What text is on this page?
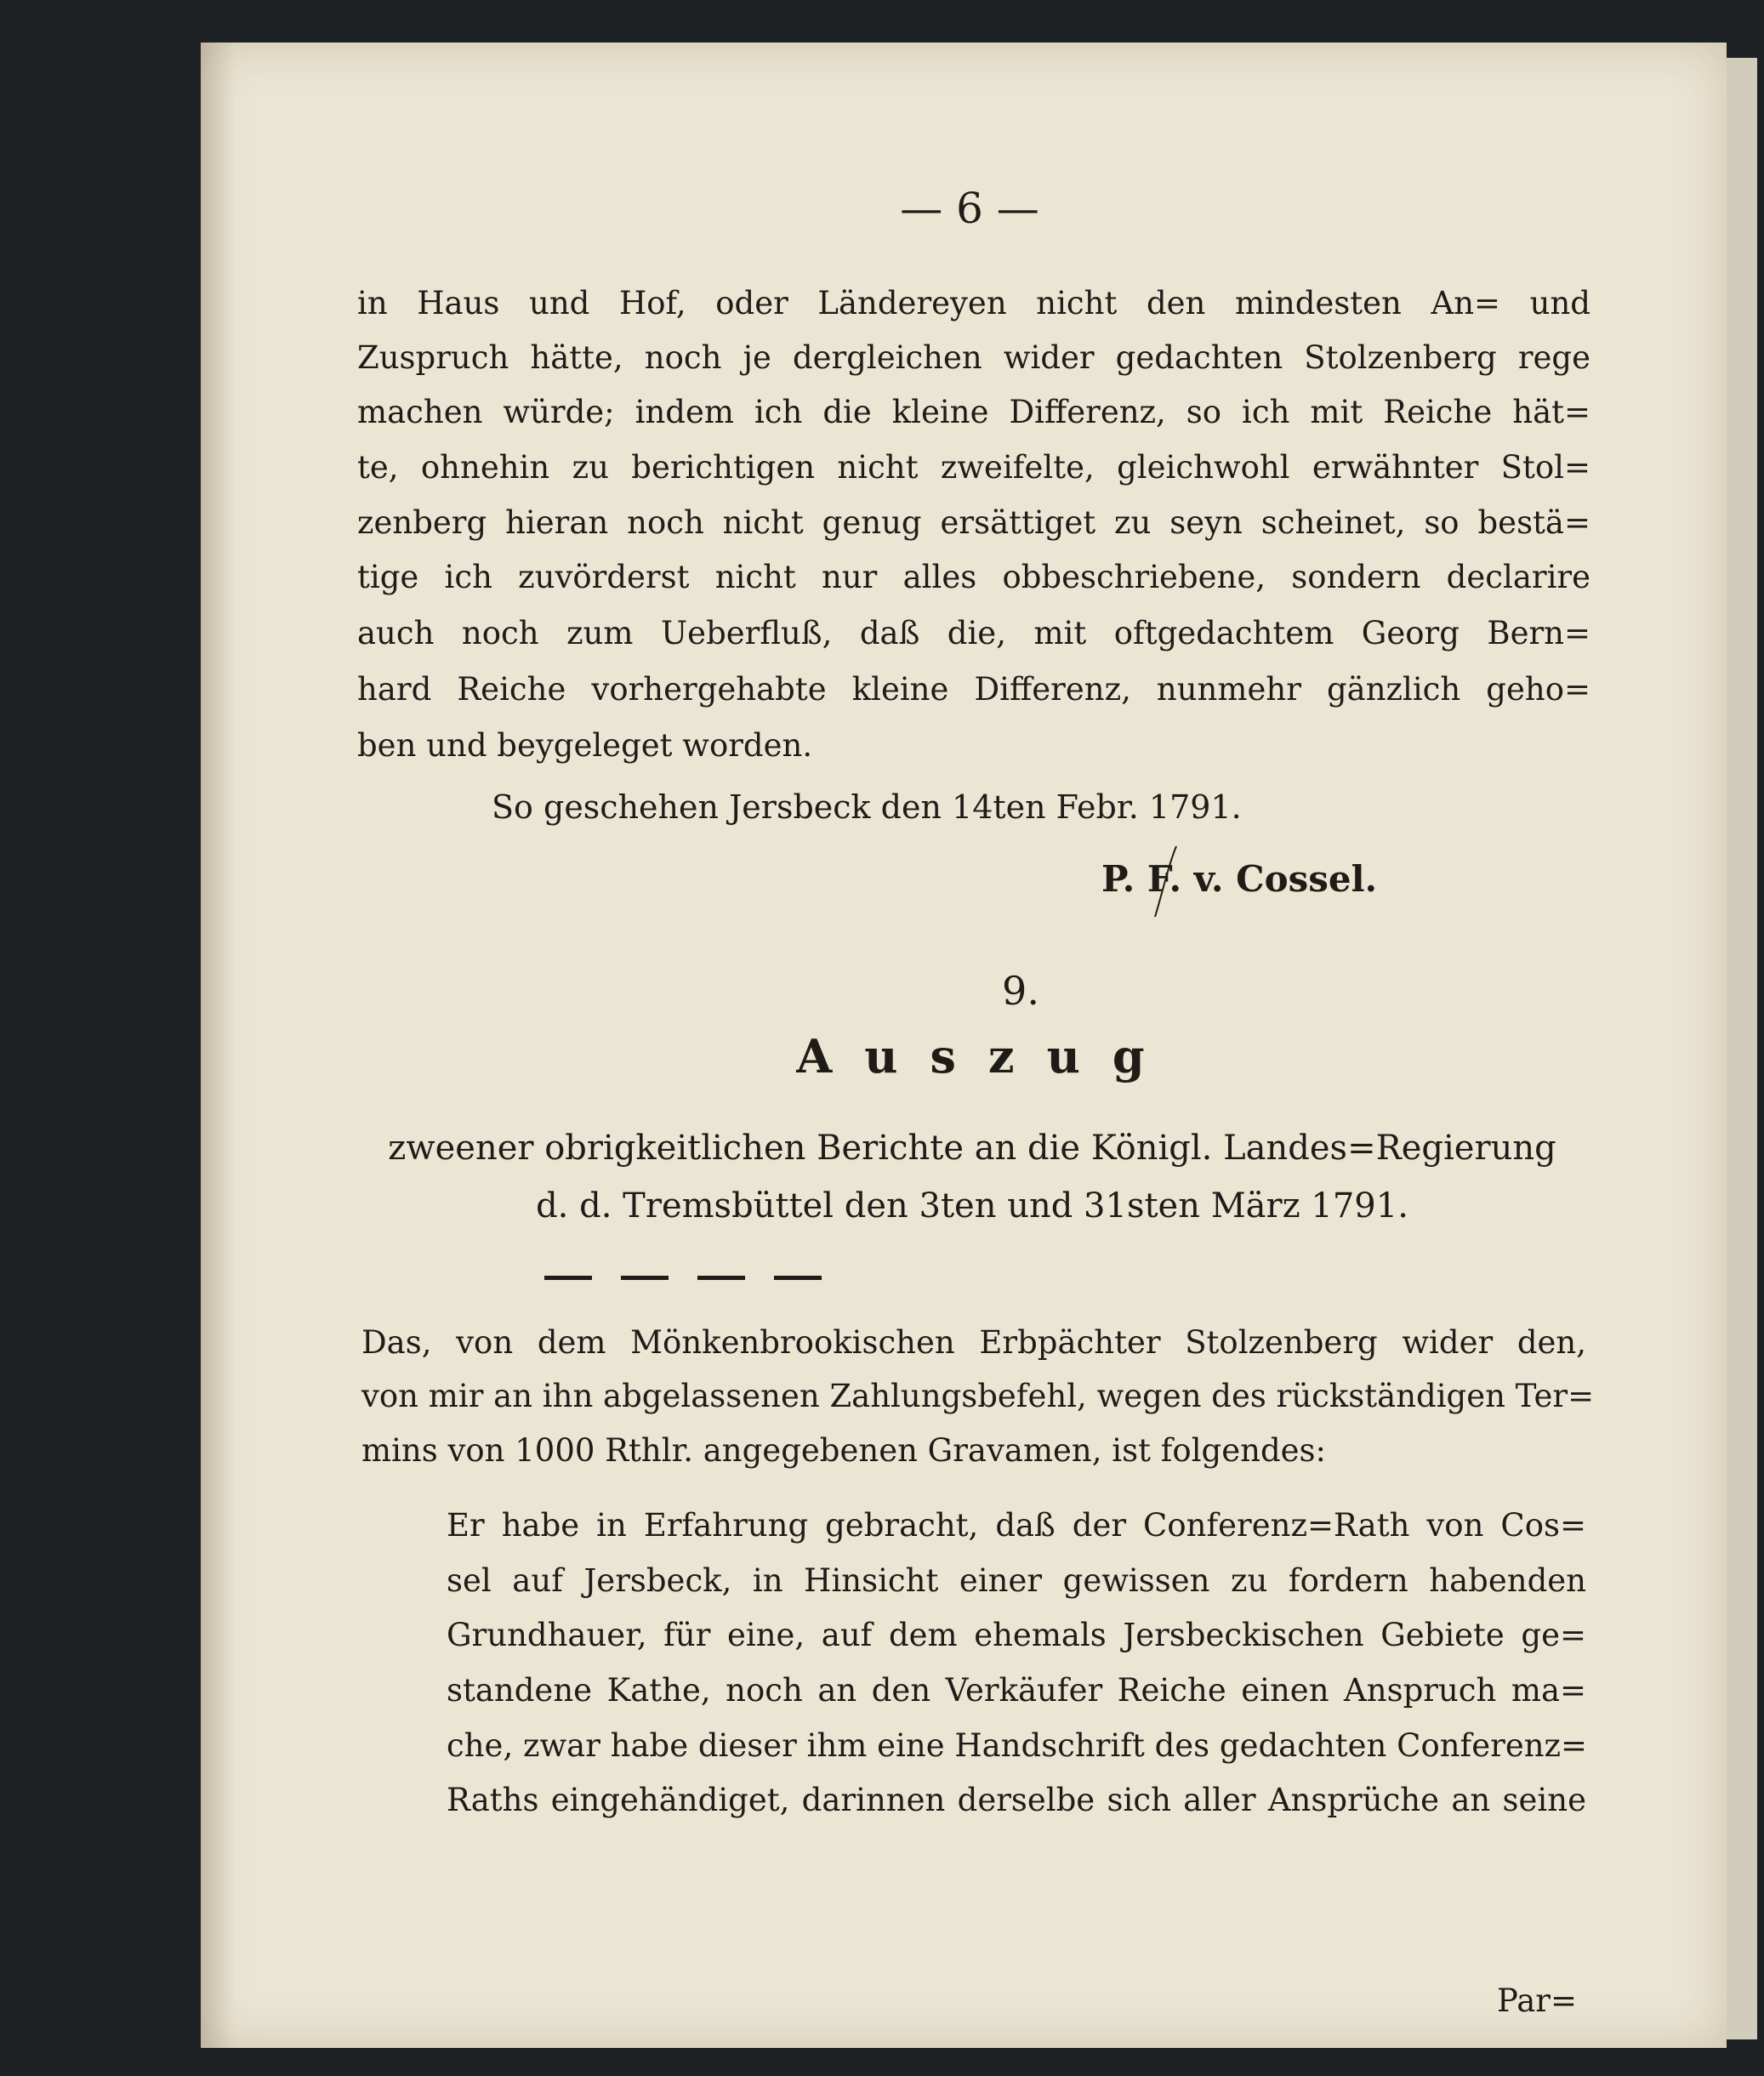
— 6 —
in Haus und Hof, oder Ländereyen nicht den mindesten An= und
Zuspruch hätte, noch je dergleichen wider gedachten Stolzenberg rege
machen würde; indem ich die kleine Differenz, so ich mit Reiche hät=
te, ohnehin zu berichtigen nicht zweifelte, gleichwohl erwähnter Stol=
zenberg hieran noch nicht genug ersättiget zu seyn scheinet, so bestä=
tige ich zuvörderst nicht nur alles obbeschriebene, sondern declarire
auch noch zum Ueberfluß, daß die, mit oftgedachtem Georg Bern=
hard Reiche vorhergehabte kleine Differenz, nunmehr gänzlich geho=
ben und beygeleget worden.
So geschehen Jersbeck den 14ten Febr. 1791.
P. F. v. Cossel.
9.
Auszug
zweener obrigkeitlichen Berichte an die Königl. Landes=Regierung
d. d. Tremsbüttel den 3ten und 31sten März 1791.
Das, von dem Mönkenbrookischen Erbpächter Stolzenberg wider den,
von mir an ihn abgelassenen Zahlungsbefehl, wegen des rückständigen Ter=
mins von 1000 Rthlr. angegebenen Gravamen, ist folgendes:
Er habe in Erfahrung gebracht, daß der Conferenz=Rath von Cos=
sel auf Jersbeck, in Hinsicht einer gewissen zu fordern habenden
Grundhauer, für eine, auf dem ehemals Jersbeckischen Gebiete ge=
standene Kathe, noch an den Verkäufer Reiche einen Anspruch ma=
che, zwar habe dieser ihm eine Handschrift des gedachten Conferenz=
Raths eingehändiget, darinnen derselbe sich aller Ansprüche an seine
Par=
